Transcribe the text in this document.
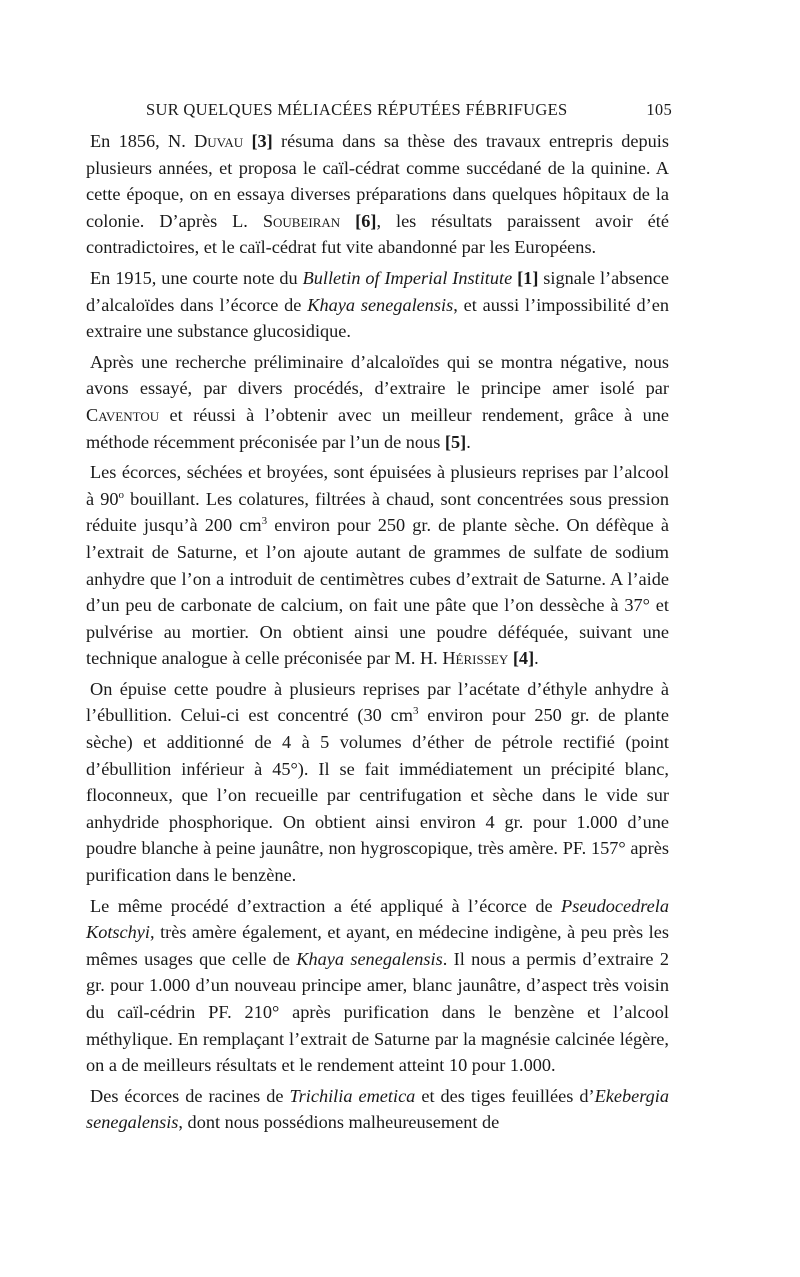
SUR QUELQUES MÉLIACÉES RÉPUTÉES FÉBRIFUGES	105

En 1856, N. Duvau [3] résuma dans sa thèse des travaux entrepris depuis plusieurs années, et proposa le caïl-cédrat comme succédané de la quinine. A cette époque, on en essaya diverses préparations dans quelques hôpitaux de la colonie. D’après L. Soubeiran [6], les résultats paraissent avoir été contradictoires, et le caïl-cédrat fut vite abandonné par les Européens.

En 1915, une courte note du Bulletin of Imperial Institute [1] signale l’absence d’alcaloïdes dans l’écorce de Khaya senegalensis, et aussi l’impossibilité d’en extraire une substance glucosidique.

Après une recherche préliminaire d’alcaloïdes qui se montra négative, nous avons essayé, par divers procédés, d’extraire le principe amer isolé par Caventou et réussi à l’obtenir avec un meilleur rendement, grâce à une méthode récemment préconisée par l’un de nous [5].

Les écorces, séchées et broyées, sont épuisées à plusieurs reprises par l’alcool à 90$^o$ bouillant. Les colatures, filtrées à chaud, sont concentrées sous pression réduite jusqu’à 200 $cm^3$ environ pour 250 gr. de plante sèche. On défèque à l’extrait de Saturne, et l’on ajoute autant de grammes de sulfate de sodium anhydre que l’on a introduit de centimètres cubes d’extrait de Saturne. A l’aide d’un peu de carbonate de calcium, on fait une pâte que l’on dessèche à 37° et pulvérise au mortier. On obtient ainsi une poudre déféquée, suivant une technique analogue à celle préconisée par M. H. Hérissey [4].

On épuise cette poudre à plusieurs reprises par l’acétate d’éthyle anhydre à l’ébullition. Celui-ci est concentré (30 $cm^3$ environ pour 250 gr. de plante sèche) et additionné de 4 à 5 volumes d’éther de pétrole rectifié (point d’ébullition inférieur à 45°). Il se fait immédiatement un précipité blanc, floconneux, que l’on recueille par centrifugation et sèche dans le vide sur anhydride phosphorique. On obtient ainsi environ 4 gr. pour 1.000 d’une poudre blanche à peine jaunâtre, non hygroscopique, très amère. PF. 157° après purification dans le benzène.

Le même procédé d’extraction a été appliqué à l’écorce de Pseudocedrela Kotschyi, très amère également, et ayant, en médecine indigène, à peu près les mêmes usages que celle de Khaya senegalensis. Il nous a permis d’extraire 2 gr. pour 1.000 d’un nouveau principe amer, blanc jaunâtre, d’aspect très voisin du caïl-cédrin PF. 210° après purification dans le benzène et l’alcool méthylique. En remplaçant l’extrait de Saturne par la magnésie calcinée légère, on a de meilleurs résultats et le rendement atteint 10 pour 1.000.

Des écorces de racines de Trichilia emetica et des tiges feuillées d’Ekebergia senegalensis, dont nous possédions malheureusement de
